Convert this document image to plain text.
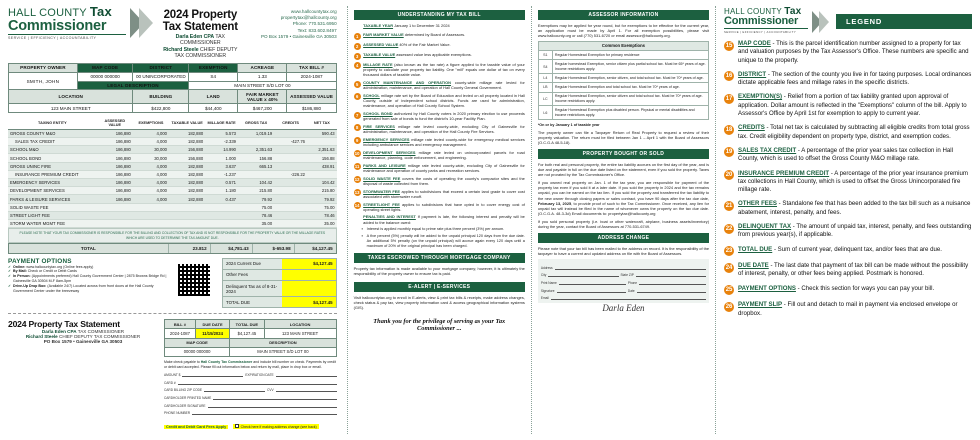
HALL COUNTY Tax
Commissioner
SERVICE | EFFICIENCY | ACCOUNTABILITY
2024 Property Tax Statement
Darla Eden CPA TAX COMMISSIONER
Richard Steele CHIEF DEPUTY TAX COMMISSIONER
www.hallcountytax.org
propertytax@hallcounty.org
Phone: 770.531.6950
Text: 833.602.8497
PO Box 1579 • Gainesville GA 30503
PROPERTY OWNER	MAP CODE	DISTRICT	EXEMPTION	ACREAGE	TAX BILL #
SMITH, JOHN	00000 000000	00 UNINCORPORATED	S4	1.33	2024-1087
	LEGAL DESCRIPTION		MAIN STREET S/D LOT 00		
LOCATION		BUILDING	LAND	FAIR MARKET VALUE x 40%	ASSESSED VALUE
123 MAIN STREET		$422,800	$44,400	$467,200	$186,880
TAXING ENTITY	ASSESSED VALUE	EXEMPTIONS	TAXABLE VALUE	MILLAGE RATE	GROSS TAX	CREDITS	NET TAX
GROSS COUNTY M&O	186,880	4,000	182,880	5.573	1,019.19		590.43
SALES TAX CREDIT	186,880	4,000	182,880	-2.339		-427.76	
SCHOOL M&O	186,880	30,000	156,880	14.990	2,351.63		2,351.63
SCHOOL BOND	186,880	30,000	156,880	1.000	156.88		156.88
GROSS UNINC FIRE	186,880	4,000	182,880	3.637	665.13		438.91
INSURANCE PREMIUM CREDIT	186,880	4,000	182,880	-1.237		-226.22	
EMERGENCY SERVICES	186,880	4,000	182,880	0.571	104.42		104.42
DEVELOPMENT SERVICES	186,880	4,000	182,880	1.180	215.80		215.80
PARKS & LEISURE SERVICES	186,880	4,000	182,880	0.437	79.92		79.92
SOLID WASTE FEE					75.00		75.00
STREET LIGHT FEE					78.46		78.46
STORM WATER MGMT FEE					35.00		35.00
PLEASE NOTE THAT YOUR TAX COMMISSIONER IS RESPONSIBLE FOR THE BILLING AND COLLECTION OF TAX AND IS NOT RESPONSIBLE FOR THE PROPERTY VALUE OR THE MILLAGE RATES WHICH ARE USED TO DETERMINE THE TAX AMOUNT DUE.
TOTAL	23.812	$4,781.43	$-653.98	$4,127.45
PAYMENT OPTIONS
✓ Online: www.hallcountytax.org (Online fees apply)
✓ By Mail: Check or Credit or Debit Cards
✓ In Person: (Appointments preferred) Hall County Government Center | 2875 Browns Bridge Rd | Gainesville GA 30504 M-F 8am-5pm
✓ Drive-Up Drop Box: (Available 24/7) Located across from front doors at the Hall County Government Center under the breezeway
2024 Current Due	$4,127.45
Other Fees
Delinquent Tax as of 8-31-2024
TOTAL DUE	$4,127.45
2024 Property Tax Statement
Darla Eden CPA TAX COMMISSIONER
Richard Steele CHIEF DEPUTY TAX COMMISSIONER
PO Box 1579 • Gainesville GA 30503
BILL #	DUE DATE	TOTAL DUE	LOCATION
2024-1087	11/15/2024	$4,127.45	123 MAIN STREET
MAP CODE		DESCRIPTION	
00000 000000		MAIN STREET S/D LOT 00	
Make check payable to Hall County Tax Commissioner and include bill number on check. Payments by credit or debit card accepted. Please fill out information below and return by mail, place in drop box or email.
AMOUNT $	EXPIRATION DATE
CARD #
CARD BILLING ZIP CODE	CVV
CARDHOLDER PRINTED NAME
CARDHOLDER SIGNATURE
PHONE NUMBER
Credit and Debit Card Fees Apply	Check here if making address change (see back)
UNDERSTANDING MY TAX BILL
TAXABLE YEAR January 1 to December 31 2024
1	FAIR MARKET VALUE determined by Board of Assessors.
2	ASSESSED VALUE 40% of the Fair Market Value.
3	TAXABLE VALUE assessed value less applicable exemptions.
4	MILLAGE RATE (also known as the tax rate) a figure applied to the taxable value of your property to calculate your property tax liability. One "mill" equals one dollar of tax on every thousand dollars of taxable value.
5	COUNTY MAINTENANCE AND OPERATION county-wide millage rate levied for administration, maintenance, and operation of Hall County General Government.
6	SCHOOL millage rate set by the Board of Education and levied on all property located in Hall County, outside of independent school districts. Funds are used for administration, maintenance, and operation of Hall County School System.
7	SCHOOL BOND authorized by Hall County voters in 2020 primary election to use proceeds generated from sale of bonds to fund the district's 10-year Facility Plan.
8	FIRE SERVICES millage rate levied county-wide, excluding City of Gainesville for administration, maintenance, and operation of the Hall County Fire Services.
9	EMERGENCY SERVICES millage rate levied county-wide for emergency medical services including ambulance services and emergency management.
10 DEVELOPMENT SERVICES millage rate levied on unincorporated parcels for road maintenance, planning, code enforcement, and engineering.
11 PARKS AND LEISURE millage rate levied county-wide, excluding City of Gainesville for maintenance and operation of county parks and recreation services.
12 SOLID WASTE FEE covers the costs of operating the county's compactor sites and the disposal of waste collected from them.
13 STORMWATER FEE applies to subdivisions that exceed a certain land grade to cover cost associated with stormwater runoff.
14 STREETLIGHT FEE applies to subdivisions that have opted in to cover energy cost of operating street lights.
PENALTIES AND INTEREST If payment is late, the following interest and penalty will be added to the balance owed:
▪ Interest is applied monthly equal to prime rate plus three percent (3%) per annum.
▪ A five percent (5%) penalty will be added to the unpaid principal 120 days from the due date. An additional 5% penalty (on the unpaid principal) will accrue again every 120 days until a maximum of 20% of the original principal has been charged.
TAXES ESCROWED THROUGH MORTGAGE COMPANY
Property tax information is made available to your mortgage company; however, it is ultimately the responsibility of the property owner to ensure tax is paid.
E-ALERT | E-SERVICES
Visit hallcountytax.org to enroll in E-alerts, view & print tax bills & receipts, make address changes, check status & pay tax, view property information card & access geographical information systems (GIS).
Thank you for the privilege of serving as your Tax Commissioner ...
ASSESSOR INFORMATION
Exemptions may be applied for year round, but for exemptions to be effective for the current year, an application must be made by April 1. For all exemption possibilities, please visit www.hallcounty.org or call (770) 531-6720 or email assessor@hallcounty.org.
Common Exemptions	
S1	Regular Homestead Exemption for primary residence
S4	Regular homestead Exemption, senior citizen plus partial school tax. Must be 65* years of age. Income restrictions apply.
L4	Regular Homestead Exemption, senior citizen, and total school tax. Must be 70* years of age.
LB	Regular Homestead Exemption and total school tax. Must be 70* years of age.
LC	Regular Homestead Exemption, senior citizen and total school tax. Must be 70* years of age. Income restrictions apply.
L6	Regular Homestead Exemption plus disabled person. Physical or mental disabilities and income restrictions apply.
*On or by January 1 of taxable year
The property owner can file a Taxpayer Return of Real Property to request a review of their property valuation. The return must be filed between Jan 1 – April 1 with the Board of Assessors (O.C.G.A 48-5-18).
PROPERTY BOUGHT OR SOLD
For both real and personal property, the entire tax liability accrues on the first day of the year, and is due and payable in full on the due date listed on the statement, even if you sold the property. Taxes are not prorated by the Tax Commissioner's Office.
If you owned real property on Jan. 1 of the tax year, you are responsible for payment of the property tax even if you sold it at a later date. If you sold the property in 2024 and the tax remains unpaid, you can be named on the tax lien. If you sold the property and transferred the tax liability to the new owner through closing papers or sales contract, you have 90 days after the tax due date, February 13, 2025, to provide proof of such to the Tax Commissioner. Once received, any lien for unpaid tax will instead be filed in the name of whomever owns the property on the tax due date. (O.C.G.A. 48-3-3d) Email documents to: propertytax@hallcounty.org
If you sold personal property (i.e. boat or other watercraft, airplane, business assets/inventory) during the year, contact the Board of Assessors at 770-531-6749.
ADDRESS CHANGE
Please note that your tax bill has been mailed to the address on record. It is the responsibility of the taxpayer to have a current and updated address on file with the Board of Assessors.
Address
City	State ZIP
Print Name	Phone
Signature	Date
Email
Darla Eden
HALL COUNTY Tax
Commissioner
SERVICE | EFFICIENCY | ACCOUNTABILITY
LEGEND
15 MAP CODE - This is the parcel identification number assigned to a property for tax and valuation purposes by the Tax Assessor's Office. These numbers are specific and unique to the property.
16 DISTRICT - The section of the county you live in for taxing purposes. Local ordinances dictate applicable fees and millage rates in the specific districts.
17 EXEMPTION(S) - Relief from a portion of tax liability granted upon approval of application. Dollar amount is reflected in the "Exemptions" column of the bill. Apply to Assessor's Office by April 1st for exemption to apply to current year.
18 CREDITS - Total net tax is calculated by subtracting all eligible credits from total gross tax. Credit eligibility dependent on property type, district, and exemption codes.
19 SALES TAX CREDIT - A percentage of the prior year sales tax collection in Hall County, which is used to offset the Gross County M&O millage rate.
20 INSURANCE PREMIUM CREDIT - A percentage of the prior year insurance premium tax collections in Hall County, which is used to offset the Gross Unincorporated fire millage rate.
21 OTHER FEES - Standalone fee that has been added to the tax bill such as a nuisance abatement, interest, penalty, and fees.
22 DELINQUENT TAX - The amount of unpaid tax, interest, penalty, and fees outstanding from previous year(s), if applicable.
23 TOTAL DUE - Sum of current year, delinquent tax, and/or fees that are due.
24 DUE DATE - The last date that payment of tax bill can be made without the possibility of interest, penalty, or other fees being applied. Postmark is honored.
25 PAYMENT OPTIONS - Check this section for ways you can pay your bill.
26 PAYMENT SLIP - Fill out and detach to mail in payment via enclosed envelope or dropbox.
